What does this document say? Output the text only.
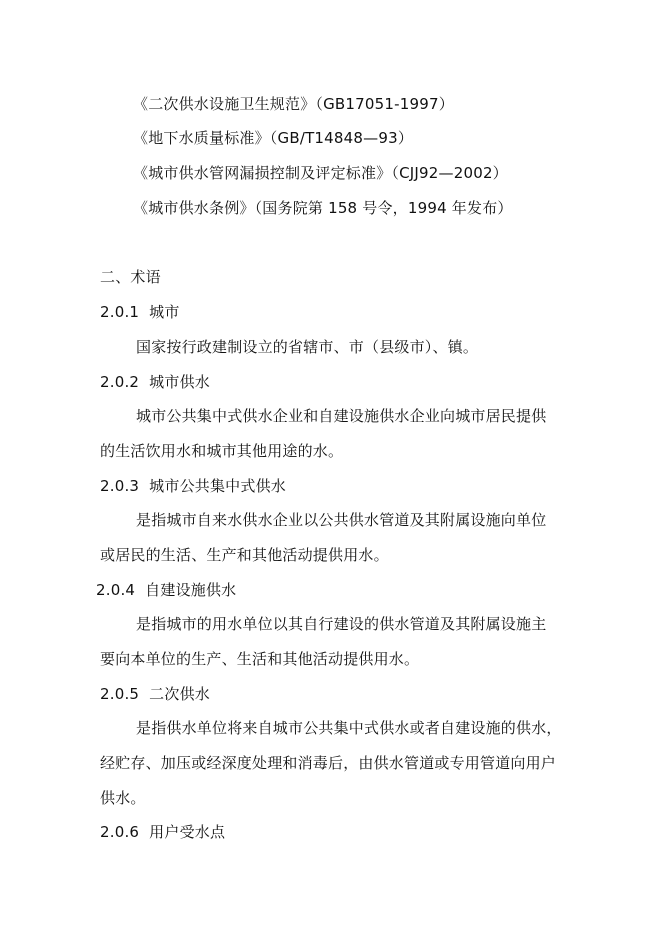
《二次供水设施卫生规范》（GB17051-1997）
《地下水质量标准》（GB/T14848—93）
《城市供水管网漏损控制及评定标准》（CJJ92—2002）
《城市供水条例》（国务院第 158 号令，1994 年发布）
二、术语
2.0.1 城市
国家按行政建制设立的省辖市、市（县级市）、镇。
2.0.2 城市供水
城市公共集中式供水企业和自建设施供水企业向城市居民提供
的生活饮用水和城市其他用途的水。
2.0.3 城市公共集中式供水
是指城市自来水供水企业以公共供水管道及其附属设施向单位
或居民的生活、生产和其他活动提供用水。
2.0.4 自建设施供水
是指城市的用水单位以其自行建设的供水管道及其附属设施主
要向本单位的生产、生活和其他活动提供用水。
2.0.5 二次供水
是指供水单位将来自城市公共集中式供水或者自建设施的供水，
经贮存、加压或经深度处理和消毒后，由供水管道或专用管道向用户
供水。
2.0.6 用户受水点
